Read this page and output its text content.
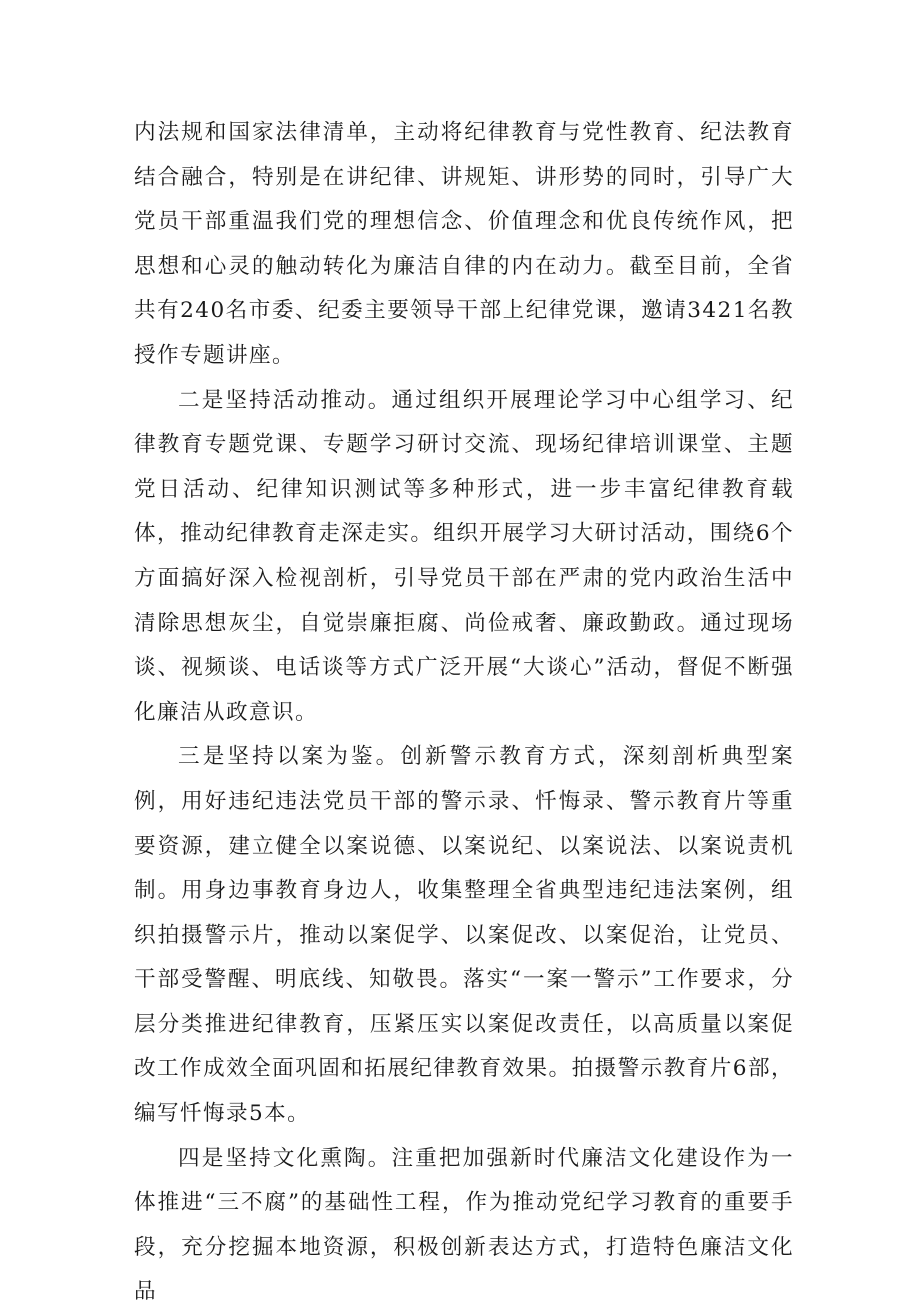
内法规和国家法律清单，主动将纪律教育与党性教育、纪法教育结合融合，特别是在讲纪律、讲规矩、讲形势的同时，引导广大党员干部重温我们党的理想信念、价值理念和优良传统作风，把思想和心灵的触动转化为廉洁自律的内在动力。截至目前，全省共有240名市委、纪委主要领导干部上纪律党课，邀请3421名教授作专题讲座。

二是坚持活动推动。通过组织开展理论学习中心组学习、纪律教育专题党课、专题学习研讨交流、现场纪律培训课堂、主题党日活动、纪律知识测试等多种形式，进一步丰富纪律教育载体，推动纪律教育走深走实。组织开展学习大研讨活动，围绕6个方面搞好深入检视剖析，引导党员干部在严肃的党内政治生活中清除思想灰尘，自觉崇廉拒腐、尚俭戒奢、廉政勤政。通过现场谈、视频谈、电话谈等方式广泛开展“大谈心”活动，督促不断强化廉洁从政意识。

三是坚持以案为鉴。创新警示教育方式，深刻剖析典型案例，用好违纪违法党员干部的警示录、忏悔录、警示教育片等重要资源，建立健全以案说德、以案说纪、以案说法、以案说责机制。用身边事教育身边人，收集整理全省典型违纪违法案例，组织拍摄警示片，推动以案促学、以案促改、以案促治，让党员、干部受警醒、明底线、知敬畏。落实“一案一警示”工作要求，分层分类推进纪律教育，压紧压实以案促改责任，以高质量以案促改工作成效全面巩固和拓展纪律教育效果。拍摄警示教育片6部，编写忏悔录5本。

四是坚持文化熏陶。注重把加强新时代廉洁文化建设作为一体推进“三不腐”的基础性工程，作为推动党纪学习教育的重要手段，充分挖掘本地资源，积极创新表达方式，打造特色廉洁文化品
